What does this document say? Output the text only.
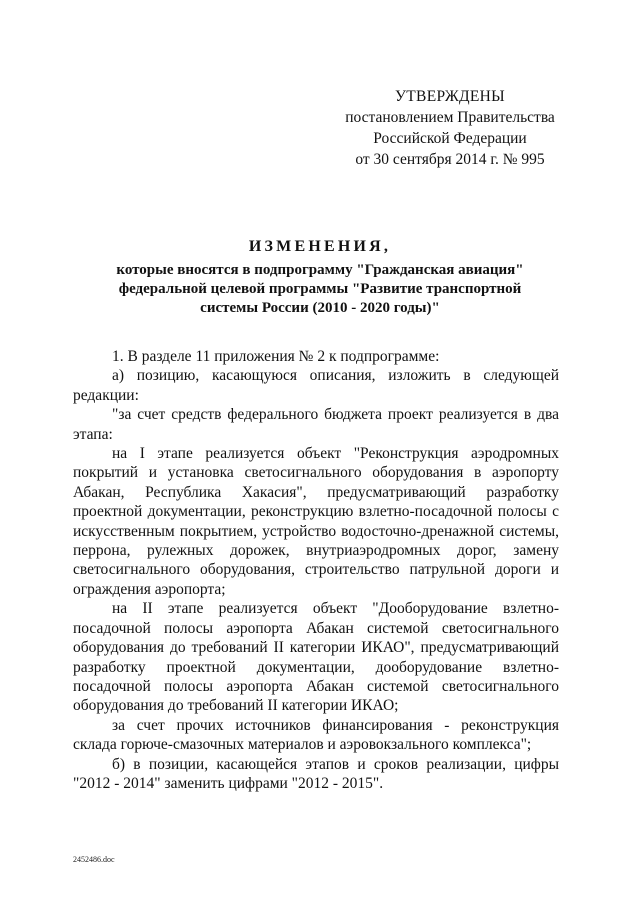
УТВЕРЖДЕНЫ
постановлением Правительства
Российской Федерации
от 30 сентября 2014 г. № 995
ИЗМЕНЕНИЯ,
которые вносятся в подпрограмму "Гражданская авиация" федеральной целевой программы "Развитие транспортной системы России (2010 - 2020 годы)"

1. В разделе 11 приложения № 2 к подпрограмме:

а) позицию, касающуюся описания, изложить в следующей редакции:

"за счет средств федерального бюджета проект реализуется в два этапа:

на I этапе реализуется объект "Реконструкция аэродромных покрытий и установка светосигнального оборудования в аэропорту Абакан, Республика Хакасия", предусматривающий разработку проектной документации, реконструкцию взлетно-посадочной полосы с искусственным покрытием, устройство водосточно-дренажной системы, перрона, рулежных дорожек, внутриаэродромных дорог, замену светосигнального оборудования, строительство патрульной дороги и ограждения аэропорта;

на II этапе реализуется объект "Дооборудование взлетно-посадочной полосы аэропорта Абакан системой светосигнального оборудования до требований II категории ИКАО", предусматривающий разработку проектной документации, дооборудование взлетно-посадочной полосы аэропорта Абакан системой светосигнального оборудования до требований II категории ИКАО;

за счет прочих источников финансирования - реконструкция склада горюче-смазочных материалов и аэровокзального комплекса";

б) в позиции, касающейся этапов и сроков реализации, цифры "2012 - 2014" заменить цифрами "2012 - 2015".

2452486.doc
